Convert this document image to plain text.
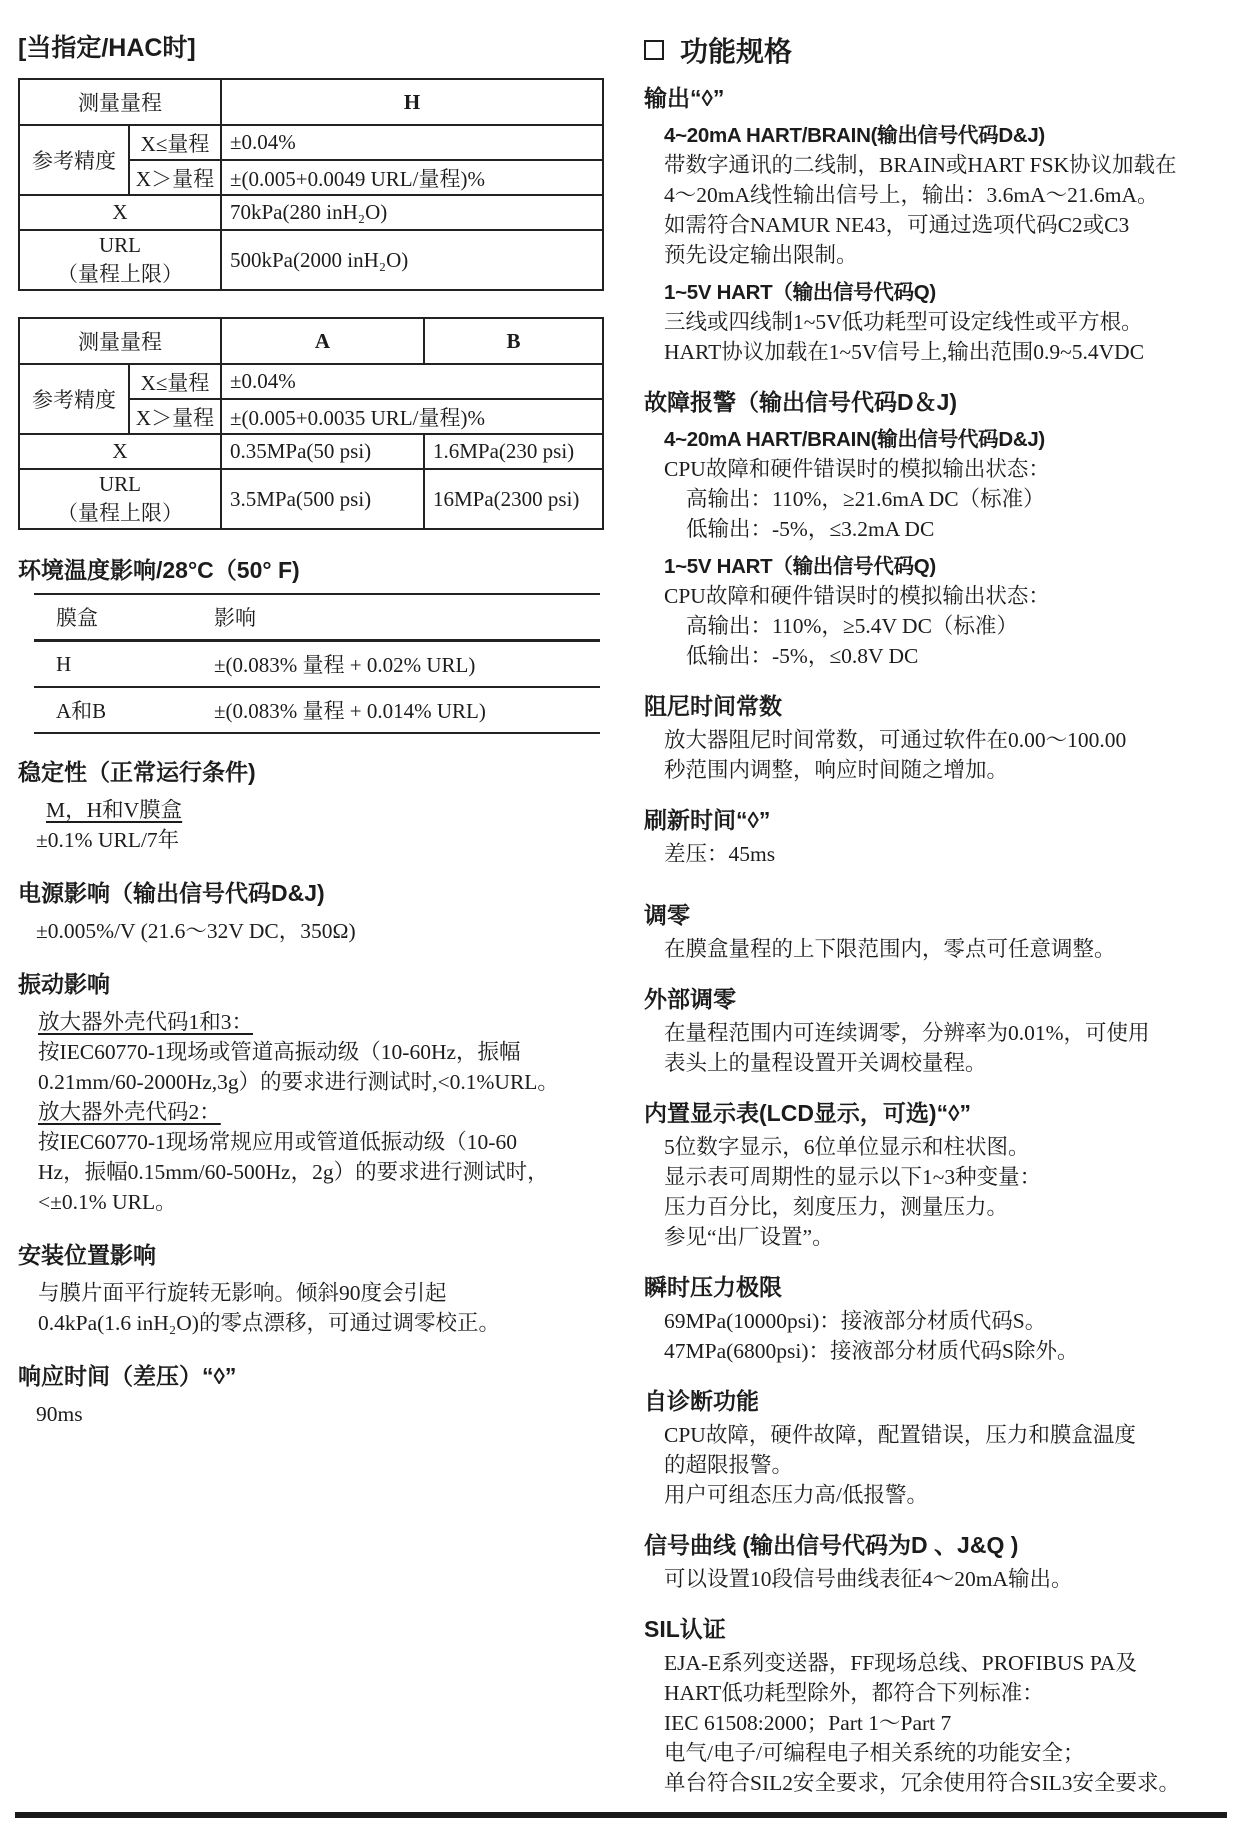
[当指定/HAC时]
测量量程		H
参考精度	X≤量程	±0.04%
	X＞量程	±(0.005+0.0049 URL/量程)%
X		70kPa(280 inH₂O)

URL
（量程上限）		500kPa(2000 inH₂O)
测量量程		A	B
参考精度	X≤量程	±0.04%	
	X＞量程	±(0.005+0.0035 URL/量程)%	
X		0.35MPa(50 psi)	1.6MPa(230 psi)

URL
（量程上限）		3.5MPa(500 psi)	16MPa(2300 psi)
环境温度影响/28°C（50° F)
膜盒	影响
H	±(0.083% 量程 + 0.02% URL)
A和B	±(0.083% 量程 + 0.014% URL)
稳定性（正常运行条件)
M，H和V膜盒
±0.1% URL/7年
电源影响（输出信号代码D&J)
±0.005%/V (21.6～32V DC，350Ω)
振动影响
放大器外壳代码1和3：
按IEC60770-1现场或管道高振动级（10-60Hz，振幅
0.21mm/60-2000Hz,3g）的要求进行测试时,<0.1%URL。
放大器外壳代码2：
按IEC60770-1现场常规应用或管道低振动级（10-60
Hz，振幅0.15mm/60-500Hz，2g）的要求进行测试时，
<±0.1% URL。
安装位置影响
与膜片面平行旋转无影响。倾斜90度会引起
0.4kPa(1.6 inH₂O)的零点漂移，可通过调零校正。
响应时间（差压）“◊”
90ms
功能规格
输出“◊”
4~20mA HART/BRAIN(输出信号代码D&J)
带数字通讯的二线制，BRAIN或HART FSK协议加载在
4～20mA线性输出信号上，输出：3.6mA～21.6mA。
如需符合NAMUR NE43，可通过选项代码C2或C3
预先设定输出限制。
1~5V HART（输出信号代码Q)
三线或四线制1~5V低功耗型可设定线性或平方根。
HART协议加载在1~5V信号上,输出范围0.9~5.4VDC
故障报警（输出信号代码D＆J)
4~20mA HART/BRAIN(输出信号代码D&J)
CPU故障和硬件错误时的模拟输出状态：
高输出：110%，≥21.6mA DC（标准）
低输出：-5%，≤3.2mA DC
1~5V HART（输出信号代码Q)
CPU故障和硬件错误时的模拟输出状态：
高输出：110%，≥5.4V DC（标准）
低输出：-5%，≤0.8V DC
阻尼时间常数
放大器阻尼时间常数，可通过软件在0.00～100.00
秒范围内调整，响应时间随之增加。
刷新时间“◊”
差压：45ms
调零
在膜盒量程的上下限范围内，零点可任意调整。
外部调零
在量程范围内可连续调零，分辨率为0.01%，可使用
表头上的量程设置开关调校量程。
内置显示表(LCD显示，可选)“◊”
5位数字显示，6位单位显示和柱状图。
显示表可周期性的显示以下1~3种变量：
压力百分比，刻度压力，测量压力。
参见“出厂设置”。
瞬时压力极限
69MPa(10000psi)：接液部分材质代码S。
47MPa(6800psi)：接液部分材质代码S除外。
自诊断功能
CPU故障，硬件故障，配置错误，压力和膜盒温度
的超限报警。
用户可组态压力高/低报警。
信号曲线 (输出信号代码为D 、J&Q )
可以设置10段信号曲线表征4～20mA输出。
SIL认证
EJA-E系列变送器，FF现场总线、PROFIBUS PA及
HART低功耗型除外，都符合下列标准：
IEC 61508:2000；Part 1～Part 7
电气/电子/可编程电子相关系统的功能安全；
单台符合SIL2安全要求，冗余使用符合SIL3安全要求。
